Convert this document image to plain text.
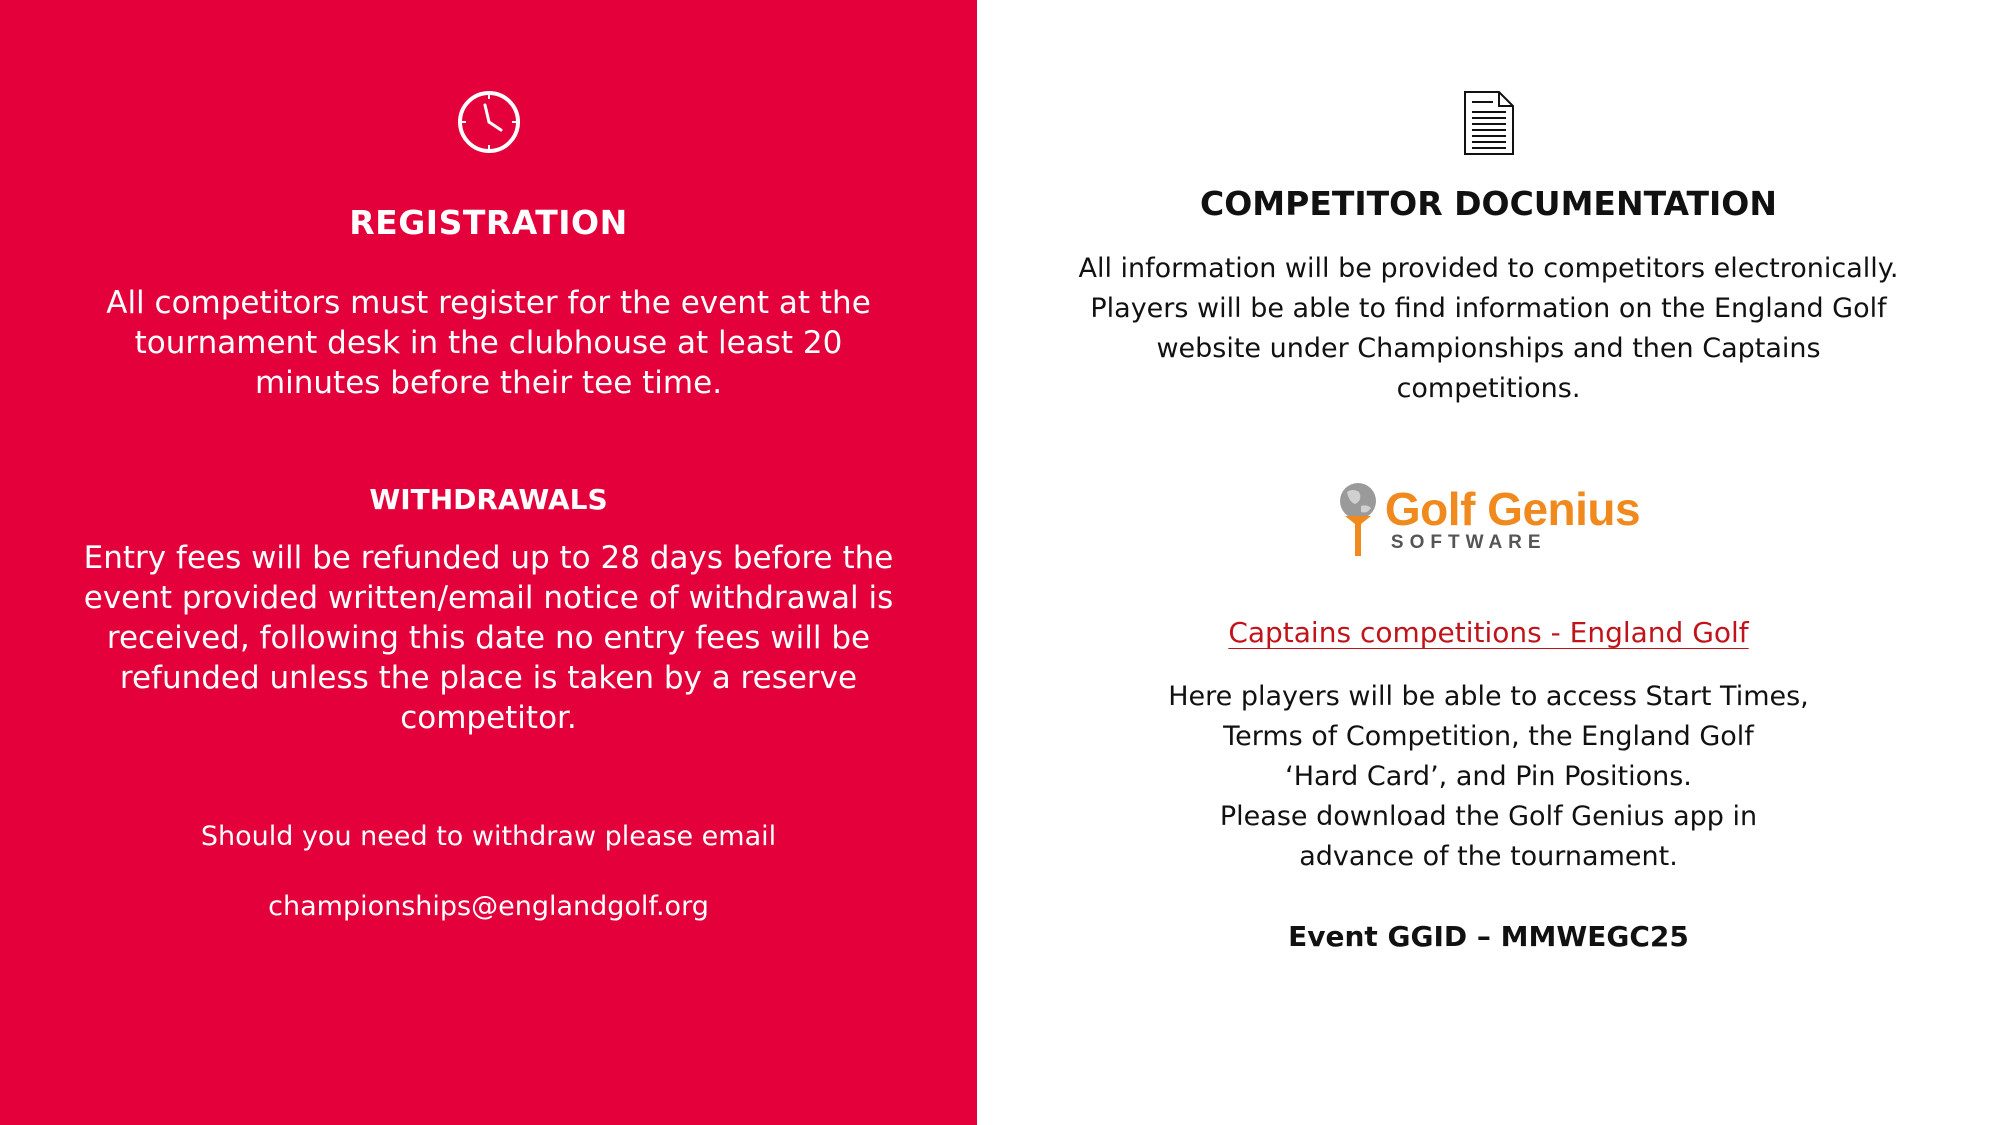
REGISTRATION

All competitors must register for the event at the tournament desk in the clubhouse at least 20 minutes before their tee time.

WITHDRAWALS

Entry fees will be refunded up to 28 days before the event provided written/email notice of withdrawal is received, following this date no entry fees will be refunded unless the place is taken by a reserve competitor.

Should you need to withdraw please email

championships@englandgolf.org

COMPETITOR DOCUMENTATION

All information will be provided to competitors electronically. Players will be able to find information on the England Golf website under Championships and then Captains competitions.

Golf Genius
SOFTWARE
Captains competitions - England Golf
Here players will be able to access Start Times,
Terms of Competition, the England Golf
‘Hard Card’, and Pin Positions.
Please download the Golf Genius app in
advance of the tournament.

Event GGID – MMWEGC25
